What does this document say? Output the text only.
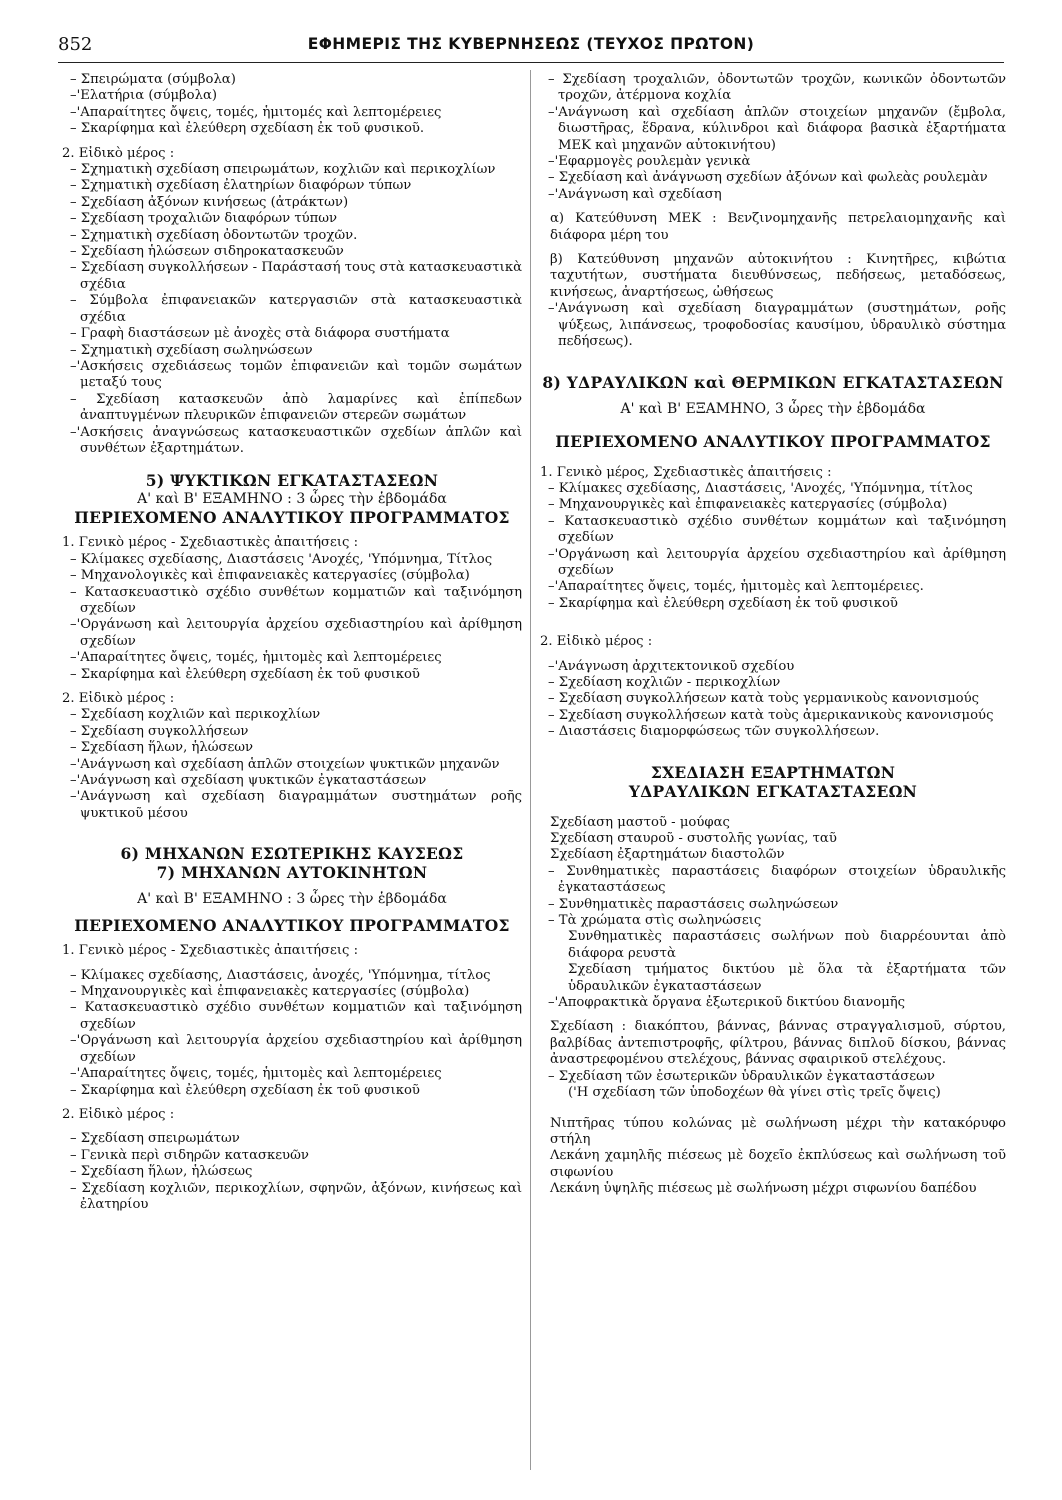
852	ΕΦΗΜΕΡΙΣ ΤΗΣ ΚΥΒΕΡΝΗΣΕΩΣ (ΤΕΥΧΟΣ ΠΡΩΤΟΝ)
– Σπειρώματα (σύμβολα)
–'Ελατήρια (σύμβολα)
–'Απαραίτητες ὄψεις, τομές, ἡμιτομές καὶ λεπτομέρειες
– Σκαρίφημα καὶ ἐλεύθερη σχεδίαση ἐκ τοῦ φυσικοῦ.
2. Εἰδικὸ μέρος :
– Σχηματικὴ σχεδίαση σπειρωμάτων, κοχλιῶν καὶ περικοχλίων
– Σχηματικὴ σχεδίαση ἐλατηρίων διαφόρων τύπων
– Σχεδίαση ἀξόνων κινήσεως (ἀτράκτων)
– Σχεδίαση τροχαλιῶν διαφόρων τύπων
– Σχηματικὴ σχεδίαση ὀδοντωτῶν τροχῶν.
– Σχεδίαση ἡλώσεων σιδηροκατασκευῶν
– Σχεδίαση συγκολλήσεων - Παράστασή τους στὰ κατασκευαστικὰ σχέδια
– Σύμβολα ἐπιφανειακῶν κατεργασιῶν στὰ κατασκευαστικὰ σχέδια
– Γραφὴ διαστάσεων μὲ ἀνοχὲς στὰ διάφορα συστήματα
– Σχηματικὴ σχεδίαση σωληνώσεων
–'Ασκήσεις σχεδιάσεως τομῶν ἐπιφανειῶν καὶ τομῶν σωμάτων μεταξύ τους
– Σχεδίαση κατασκευῶν ἀπὸ λαμαρίνες καὶ ἐπίπεδων ἀναπτυγμένων πλευρικῶν ἐπιφανειῶν στερεῶν σωμάτων
–'Ασκήσεις ἀναγνώσεως κατασκευαστικῶν σχεδίων ἁπλῶν καὶ συνθέτων ἐξαρτημάτων.
5) ΨΥΚΤΙΚΩΝ ΕΓΚΑΤΑΣΤΑΣΕΩΝ
Α' καὶ Β' ΕΞΑΜΗΝΟ : 3 ὧρες τὴν ἑβδομάδα
ΠΕΡΙΕΧΟΜΕΝΟ ΑΝΑΛΥΤΙΚΟΥ ΠΡΟΓΡΑΜΜΑΤΟΣ
1. Γενικὸ μέρος - Σχεδιαστικὲς ἀπαιτήσεις :
– Κλίμακες σχεδίασης, Διαστάσεις 'Ανοχές, 'Υπόμνημα, Τίτλος
– Μηχανολογικὲς καὶ ἐπιφανειακὲς κατεργασίες (σύμβολα)
– Κατασκευαστικὸ σχέδιο συνθέτων κομματιῶν καὶ ταξινόμηση σχεδίων
–'Οργάνωση καὶ λειτουργία ἀρχείου σχεδιαστηρίου καὶ ἀρίθμηση σχεδίων
–'Απαραίτητες ὄψεις, τομές, ἡμιτομὲς καὶ λεπτομέρειες
– Σκαρίφημα καὶ ἐλεύθερη σχεδίαση ἐκ τοῦ φυσικοῦ
2. Εἰδικὸ μέρος :
– Σχεδίαση κοχλιῶν καὶ περικοχλίων
– Σχεδίαση συγκολλήσεων
– Σχεδίαση ἥλων, ἡλώσεων
–'Ανάγνωση καὶ σχεδίαση ἁπλῶν στοιχείων ψυκτικῶν μηχανῶν
–'Ανάγνωση καὶ σχεδίαση ψυκτικῶν ἐγκαταστάσεων
–'Ανάγνωση καὶ σχεδίαση διαγραμμάτων συστημάτων ροῆς ψυκτικοῦ μέσου
6) ΜΗΧΑΝΩΝ ΕΣΩΤΕΡΙΚΗΣ ΚΑΥΣΕΩΣ
7) ΜΗΧΑΝΩΝ ΑΥΤΟΚΙΝΗΤΩΝ
Α' καὶ Β' ΕΞΑΜΗΝΟ : 3 ὧρες τὴν ἑβδομάδα
ΠΕΡΙΕΧΟΜΕΝΟ ΑΝΑΛΥΤΙΚΟΥ ΠΡΟΓΡΑΜΜΑΤΟΣ
1. Γενικὸ μέρος - Σχεδιαστικὲς ἀπαιτήσεις :
– Κλίμακες σχεδίασης, Διαστάσεις, ἀνοχές, 'Υπόμνημα, τίτλος
– Μηχανουργικὲς καὶ ἐπιφανειακὲς κατεργασίες (σύμβολα)
– Κατασκευαστικὸ σχέδιο συνθέτων κομματιῶν καὶ ταξινόμηση σχεδίων
–'Οργάνωση καὶ λειτουργία ἀρχείου σχεδιαστηρίου καὶ ἀρίθμηση σχεδίων
–'Απαραίτητες ὄψεις, τομές, ἡμιτομὲς καὶ λεπτομέρειες
– Σκαρίφημα καὶ ἐλεύθερη σχεδίαση ἐκ τοῦ φυσικοῦ
2. Εἰδικὸ μέρος :
– Σχεδίαση σπειρωμάτων
– Γενικὰ περὶ σιδηρῶν κατασκευῶν
– Σχεδίαση ἥλων, ἡλώσεως
– Σχεδίαση κοχλιῶν, περικοχλίων, σφηνῶν, ἀξόνων, κινήσεως καὶ ἐλατηρίου
– Σχεδίαση τροχαλιῶν, ὀδοντωτῶν τροχῶν, κωνικῶν ὀδοντωτῶν τροχῶν, ἀτέρμονα κοχλία
–'Ανάγνωση καὶ σχεδίαση ἁπλῶν στοιχείων μηχανῶν (ἔμβολα, διωστῆρας, ἕδρανα, κύλινδροι καὶ διάφορα βασικὰ ἐξαρτήματα ΜΕΚ καὶ μηχανῶν αὐτοκινήτου)
–'Εφαρμογὲς ρουλεμὰν γενικὰ
– Σχεδίαση καὶ ἀνάγνωση σχεδίων ἀξόνων καὶ φωλεὰς ρουλεμὰν
–'Ανάγνωση καὶ σχεδίαση
α) Κατεύθυνση ΜΕΚ : Βενζινομηχανῆς πετρελαιομηχανῆς καὶ διάφορα μέρη του
β) Κατεύθυνση μηχανῶν αὐτοκινήτου : Κινητῆρες, κιβώτια ταχυτήτων, συστήματα διευθύνσεως, πεδήσεως, μεταδόσεως, κινήσεως, ἀναρτήσεως, ὠθήσεως
–'Ανάγνωση καὶ σχεδίαση διαγραμμάτων (συστημάτων, ροῆς ψύξεως, λιπάνσεως, τροφοδοσίας καυσίμου, ὑδραυλικὸ σύστημα πεδήσεως).
8) ΥΔΡΑΥΛΙΚΩΝ καὶ ΘΕΡΜΙΚΩΝ ΕΓΚΑΤΑΣΤΑΣΕΩΝ
Α' καὶ Β' ΕΞΑΜΗΝΟ, 3 ὧρες τὴν ἑβδομάδα
ΠΕΡΙΕΧΟΜΕΝΟ ΑΝΑΛΥΤΙΚΟΥ ΠΡΟΓΡΑΜΜΑΤΟΣ
1. Γενικὸ μέρος, Σχεδιαστικὲς ἀπαιτήσεις :
– Κλίμακες σχεδίασης, Διαστάσεις, 'Ανοχές, 'Υπόμνημα, τίτλος
– Μηχανουργικὲς καὶ ἐπιφανειακὲς κατεργασίες (σύμβολα)
– Κατασκευαστικὸ σχέδιο συνθέτων κομμάτων καὶ ταξινόμηση σχεδίων
–'Οργάνωση καὶ λειτουργία ἀρχείου σχεδιαστηρίου καὶ ἀρίθμηση σχεδίων
–'Απαραίτητες ὄψεις, τομές, ἡμιτομὲς καὶ λεπτομέρειες.
– Σκαρίφημα καὶ ἐλεύθερη σχεδίαση ἐκ τοῦ φυσικοῦ
2. Εἰδικὸ μέρος :
–'Ανάγνωση ἀρχιτεκτονικοῦ σχεδίου
– Σχεδίαση κοχλιῶν - περικοχλίων
– Σχεδίαση συγκολλήσεων κατὰ τοὺς γερμανικοὺς κανονισμούς
– Σχεδίαση συγκολλήσεων κατὰ τοὺς ἀμερικανικοὺς κανονισμούς
– Διαστάσεις διαμορφώσεως τῶν συγκολλήσεων.
ΣΧΕΔΙΑΣΗ ΕΞΑΡΤΗΜΑΤΩΝ
ΥΔΡΑΥΛΙΚΩΝ ΕΓΚΑΤΑΣΤΑΣΕΩΝ
Σχεδίαση μαστοῦ - μούφας
Σχεδίαση σταυροῦ - συστολῆς γωνίας, ταῦ
Σχεδίαση ἐξαρτημάτων διαστολῶν
– Συνθηματικὲς παραστάσεις διαφόρων στοιχείων ὑδραυλικῆς ἐγκαταστάσεως
– Συνθηματικὲς παραστάσεις σωληνώσεων
– Τὰ χρώματα στὶς σωληνώσεις
Συνθηματικὲς παραστάσεις σωλήνων ποὺ διαρρέουνται ἀπὸ διάφορα ρευστὰ
Σχεδίαση τμήματος δικτύου μὲ ὅλα τὰ ἐξαρτήματα τῶν ὑδραυλικῶν ἐγκαταστάσεων
–'Αποφρακτικὰ ὄργανα ἐξωτερικοῦ δικτύου διανομῆς
Σχεδίαση : διακόπτου, βάννας, βάννας στραγγαλισμοῦ, σύρτου, βαλβίδας ἀντεπιστροφῆς, φίλτρου, βάννας διπλοῦ δίσκου, βάννας ἀναστρεφομένου στελέχους, βάννας σφαιρικοῦ στελέχους.
– Σχεδίαση τῶν ἐσωτερικῶν ὑδραυλικῶν ἐγκαταστάσεων
('Η σχεδίαση τῶν ὑποδοχέων θὰ γίνει στὶς τρεῖς ὄψεις)
Νιπτῆρας τύπου κολώνας μὲ σωλήνωση μέχρι τὴν κατακόρυφο στήλη
Λεκάνη χαμηλῆς πιέσεως μὲ δοχεῖο ἐκπλύσεως καὶ σωλήνωση τοῦ σιφωνίου
Λεκάνη ὑψηλῆς πιέσεως μὲ σωλήνωση μέχρι σιφωνίου δαπέδου
